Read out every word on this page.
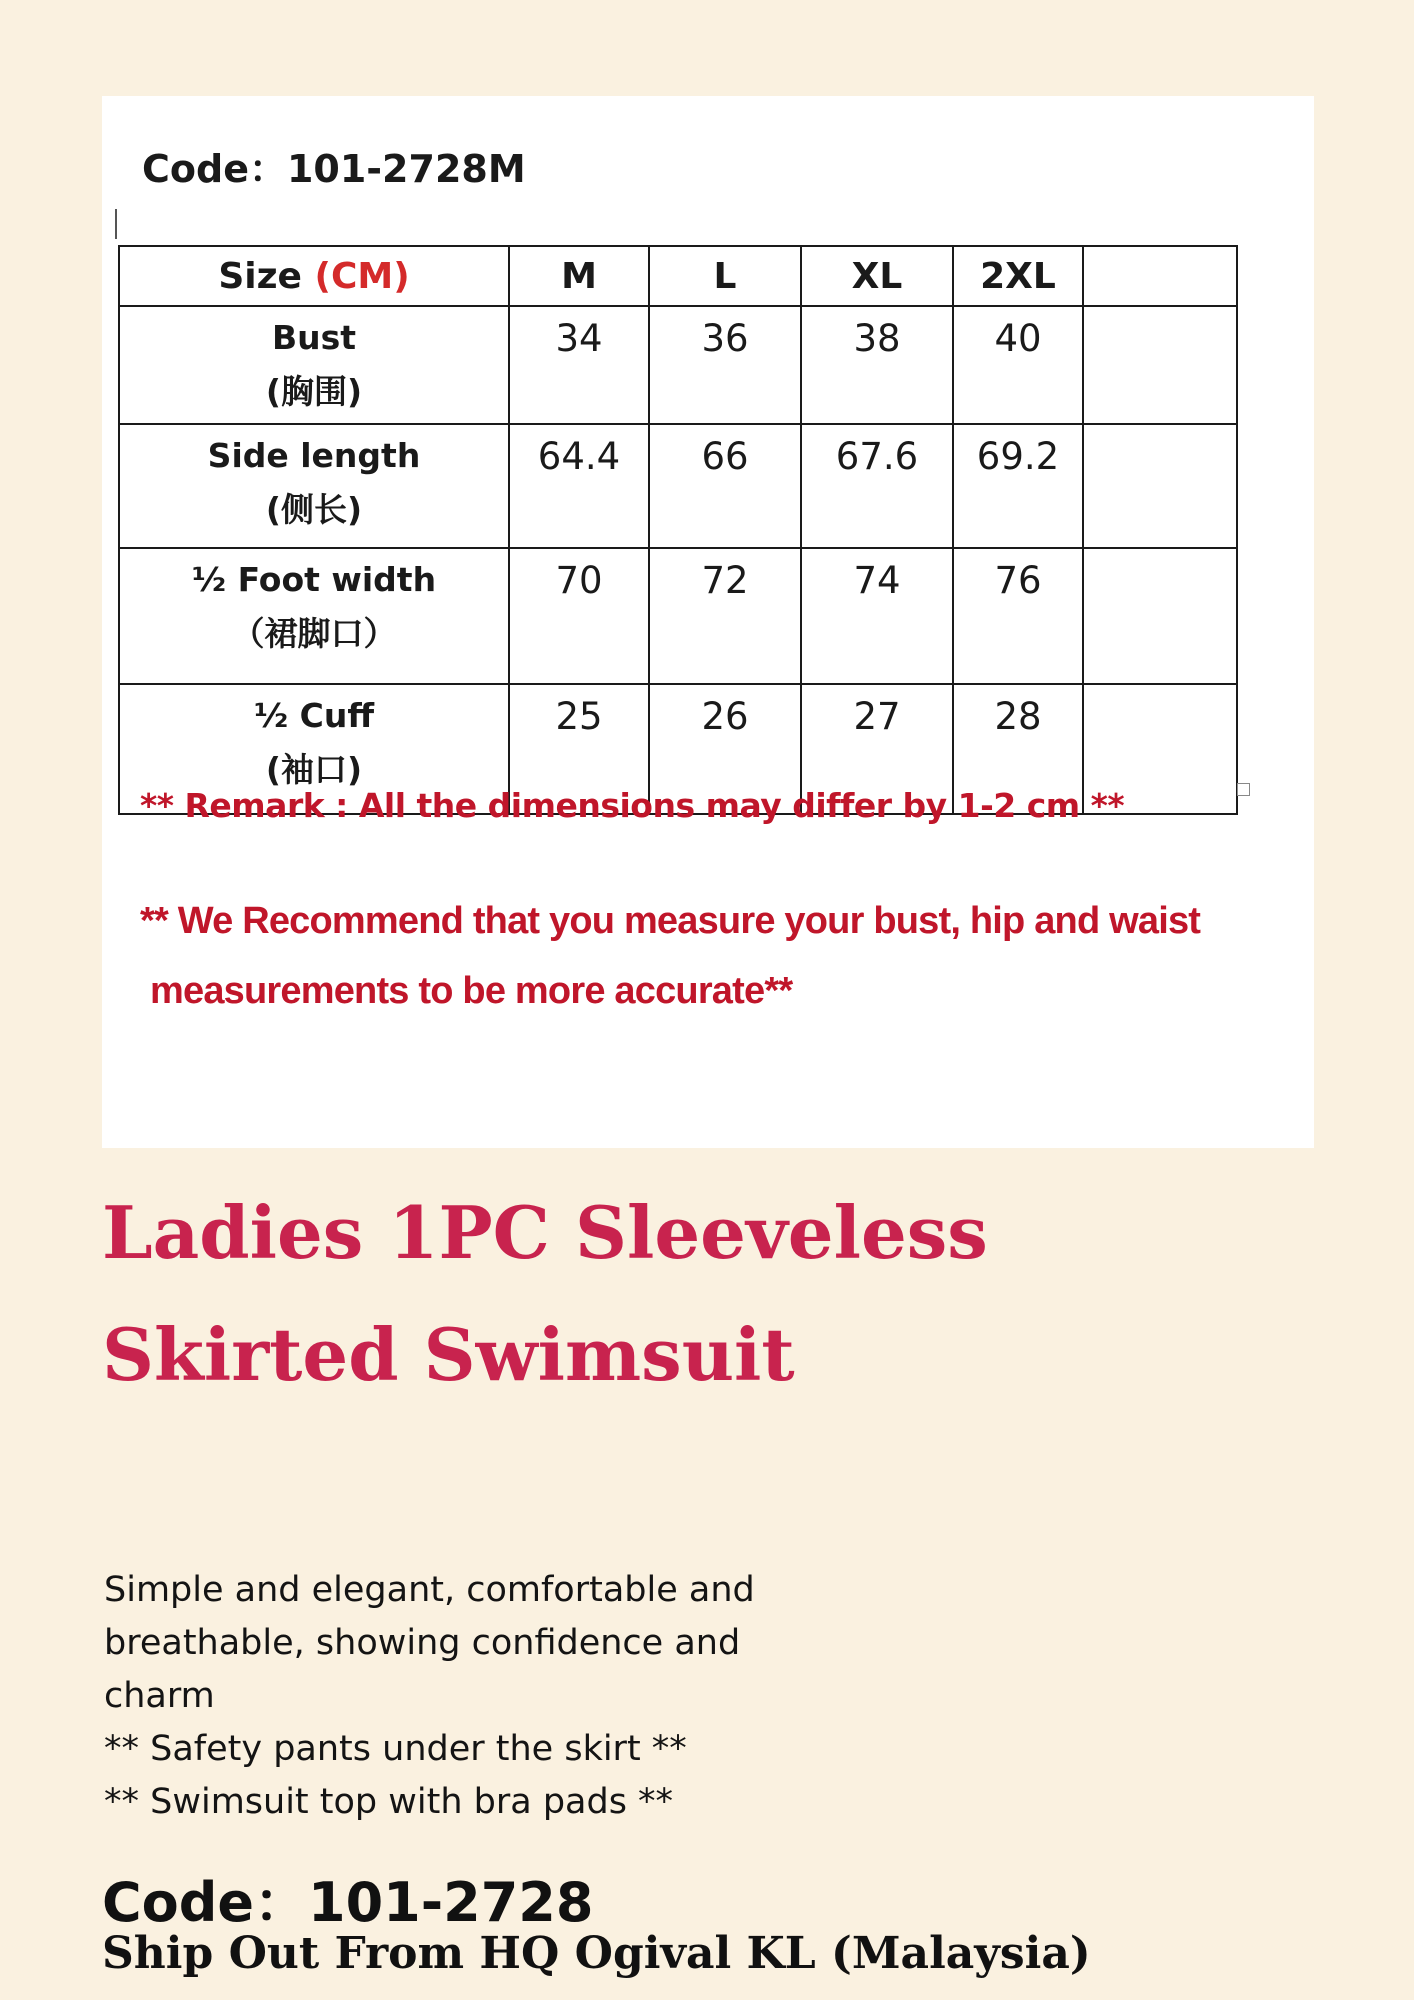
Code：101-2728M
Size (CM)	M	L	XL	2XL	

Bust
(胸围)	34	36	38	40	

Side length
(侧长)	64.4	66	67.6	69.2	

½ Foot width
（裙脚口）	70	72	74	76	

½ Cuff
(袖口)	25	26	27	28	
** Remark : All the dimensions may differ by 1-2 cm **
** We Recommend that you measure your bust, hip and waist
measurements to be more accurate**
Ladies 1PC Sleeveless
Skirted Swimsuit
Simple and elegant, comfortable and
breathable, showing confidence and
charm
** Safety pants under the skirt **
** Swimsuit top with bra pads **
Code：101-2728
Ship Out From HQ Ogival KL (Malaysia)
